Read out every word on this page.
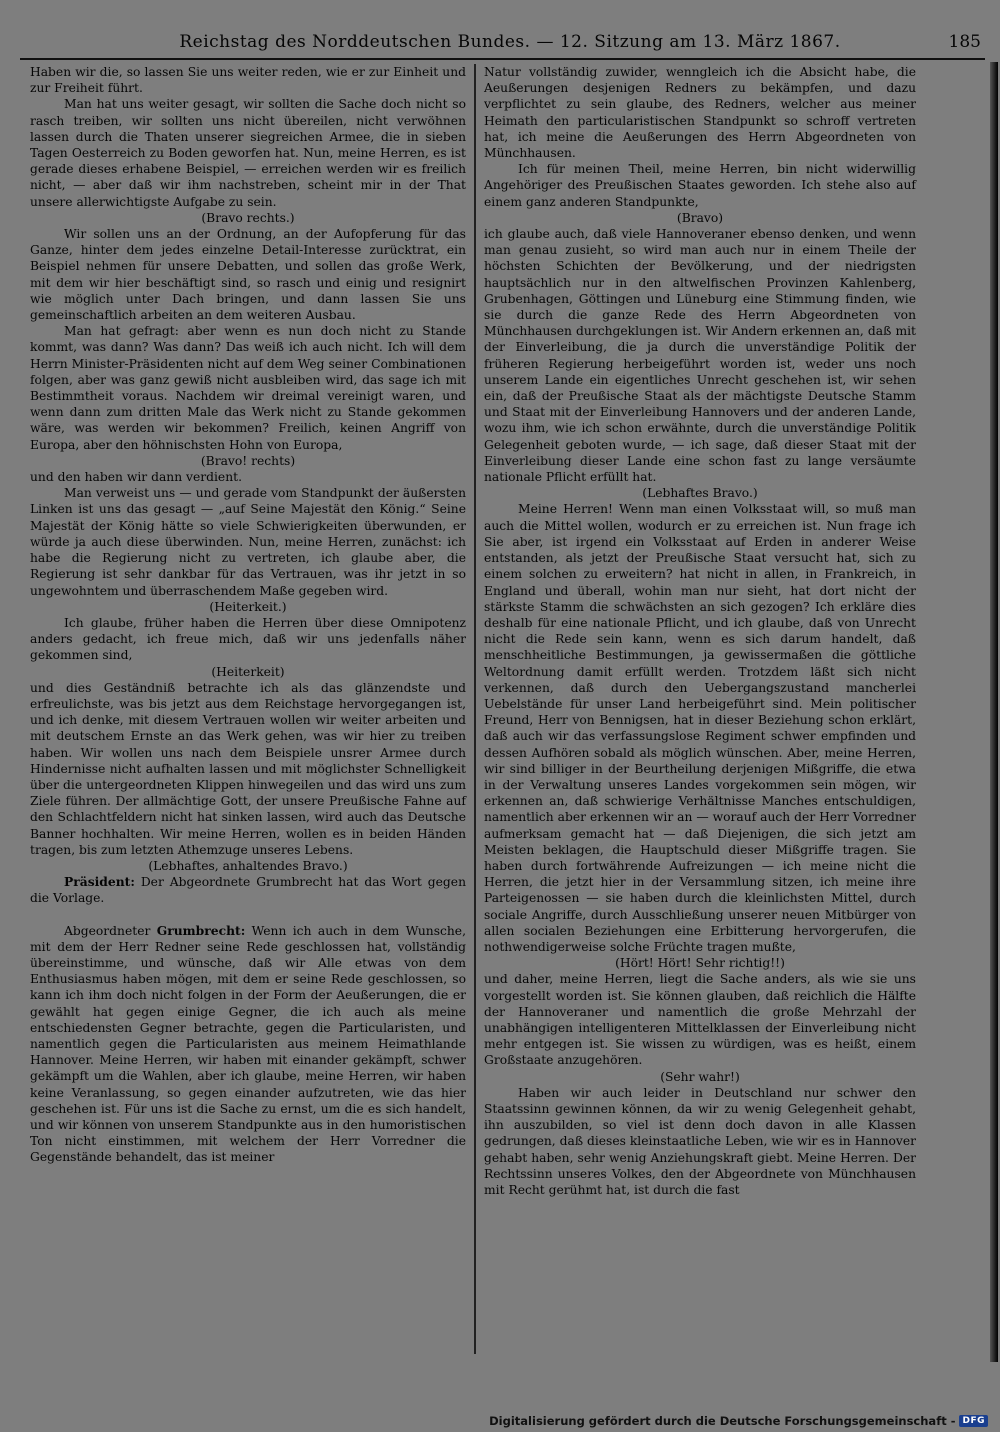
Reichstag des Norddeutschen Bundes. — 12. Sitzung am 13. März 1867.	185

Haben wir die, so lassen Sie uns weiter reden, wie er zur Einheit und zur Freiheit führt.

Man hat uns weiter gesagt, wir sollten die Sache doch nicht so rasch treiben, wir sollten uns nicht übereilen, nicht verwöhnen lassen durch die Thaten unserer siegreichen Armee, die in sieben Tagen Oesterreich zu Boden geworfen hat. Nun, meine Herren, es ist gerade dieses erhabene Beispiel, — erreichen werden wir es freilich nicht, — aber daß wir ihm nachstreben, scheint mir in der That unsere allerwichtigste Aufgabe zu sein.

(Bravo rechts.)

Wir sollen uns an der Ordnung, an der Aufopferung für das Ganze, hinter dem jedes einzelne Detail-Interesse zurücktrat, ein Beispiel nehmen für unsere Debatten, und sollen das große Werk, mit dem wir hier beschäftigt sind, so rasch und einig und resignirt wie möglich unter Dach bringen, und dann lassen Sie uns gemeinschaftlich arbeiten an dem weiteren Ausbau.

Man hat gefragt: aber wenn es nun doch nicht zu Stande kommt, was dann? Was dann? Das weiß ich auch nicht. Ich will dem Herrn Minister-Präsidenten nicht auf dem Weg seiner Combinationen folgen, aber was ganz gewiß nicht ausbleiben wird, das sage ich mit Bestimmtheit voraus. Nachdem wir dreimal vereinigt waren, und wenn dann zum dritten Male das Werk nicht zu Stande gekommen wäre, was werden wir bekommen? Freilich, keinen Angriff von Europa, aber den höhnischsten Hohn von Europa,

(Bravo! rechts)

und den haben wir dann verdient.

Man verweist uns — und gerade vom Standpunkt der äußersten Linken ist uns das gesagt — „auf Seine Majestät den König.“ Seine Majestät der König hätte so viele Schwierigkeiten überwunden, er würde ja auch diese überwinden. Nun, meine Herren, zunächst: ich habe die Regierung nicht zu vertreten, ich glaube aber, die Regierung ist sehr dankbar für das Vertrauen, was ihr jetzt in so ungewohntem und überraschendem Maße gegeben wird.

(Heiterkeit.)

Ich glaube, früher haben die Herren über diese Omnipotenz anders gedacht, ich freue mich, daß wir uns jedenfalls näher gekommen sind,

(Heiterkeit)

und dies Geständniß betrachte ich als das glänzendste und erfreulichste, was bis jetzt aus dem Reichstage hervorgegangen ist, und ich denke, mit diesem Vertrauen wollen wir weiter arbeiten und mit deutschem Ernste an das Werk gehen, was wir hier zu treiben haben. Wir wollen uns nach dem Beispiele unsrer Armee durch Hindernisse nicht aufhalten lassen und mit möglichster Schnelligkeit über die untergeordneten Klippen hinwegeilen und das wird uns zum Ziele führen. Der allmächtige Gott, der unsere Preußische Fahne auf den Schlachtfeldern nicht hat sinken lassen, wird auch das Deutsche Banner hochhalten. Wir meine Herren, wollen es in beiden Händen tragen, bis zum letzten Athemzuge unseres Lebens.

(Lebhaftes, anhaltendes Bravo.)

Präsident: Der Abgeordnete Grumbrecht hat das Wort gegen die Vorlage.

Abgeordneter Grumbrecht: Wenn ich auch in dem Wunsche, mit dem der Herr Redner seine Rede geschlossen hat, vollständig übereinstimme, und wünsche, daß wir Alle etwas von dem Enthusiasmus haben mögen, mit dem er seine Rede geschlossen, so kann ich ihm doch nicht folgen in der Form der Aeußerungen, die er gewählt hat gegen einige Gegner, die ich auch als meine entschiedensten Gegner betrachte, gegen die Particularisten, und namentlich gegen die Particularisten aus meinem Heimathlande Hannover. Meine Herren, wir haben mit einander gekämpft, schwer gekämpft um die Wahlen, aber ich glaube, meine Herren, wir haben keine Veranlassung, so gegen einander aufzutreten, wie das hier geschehen ist. Für uns ist die Sache zu ernst, um die es sich handelt, und wir können von unserem Standpunkte aus in den humoristischen Ton nicht einstimmen, mit welchem der Herr Vorredner die Gegenstände behandelt, das ist meiner

Natur vollständig zuwider, wenngleich ich die Absicht habe, die Aeußerungen desjenigen Redners zu bekämpfen, und dazu verpflichtet zu sein glaube, des Redners, welcher aus meiner Heimath den particularistischen Standpunkt so schroff vertreten hat, ich meine die Aeußerungen des Herrn Abgeordneten von Münchhausen.

Ich für meinen Theil, meine Herren, bin nicht widerwillig Angehöriger des Preußischen Staates geworden. Ich stehe also auf einem ganz anderen Standpunkte,

(Bravo)

ich glaube auch, daß viele Hannoveraner ebenso denken, und wenn man genau zusieht, so wird man auch nur in einem Theile der höchsten Schichten der Bevölkerung, und der niedrigsten hauptsächlich nur in den altwelfischen Provinzen Kahlenberg, Grubenhagen, Göttingen und Lüneburg eine Stimmung finden, wie sie durch die ganze Rede des Herrn Abgeordneten von Münchhausen durchgeklungen ist. Wir Andern erkennen an, daß mit der Einverleibung, die ja durch die unverständige Politik der früheren Regierung herbeigeführt worden ist, weder uns noch unserem Lande ein eigentliches Unrecht geschehen ist, wir sehen ein, daß der Preußische Staat als der mächtigste Deutsche Stamm und Staat mit der Einverleibung Hannovers und der anderen Lande, wozu ihm, wie ich schon erwähnte, durch die unverständige Politik Gelegenheit geboten wurde, — ich sage, daß dieser Staat mit der Einverleibung dieser Lande eine schon fast zu lange versäumte nationale Pflicht erfüllt hat.

(Lebhaftes Bravo.)

Meine Herren! Wenn man einen Volksstaat will, so muß man auch die Mittel wollen, wodurch er zu erreichen ist. Nun frage ich Sie aber, ist irgend ein Volksstaat auf Erden in anderer Weise entstanden, als jetzt der Preußische Staat versucht hat, sich zu einem solchen zu erweitern? hat nicht in allen, in Frankreich, in England und überall, wohin man nur sieht, hat dort nicht der stärkste Stamm die schwächsten an sich gezogen? Ich erkläre dies deshalb für eine nationale Pflicht, und ich glaube, daß von Unrecht nicht die Rede sein kann, wenn es sich darum handelt, daß menschheitliche Bestimmungen, ja gewissermaßen die göttliche Weltordnung damit erfüllt werden. Trotzdem läßt sich nicht verkennen, daß durch den Uebergangszustand mancherlei Uebelstände für unser Land herbeigeführt sind. Mein politischer Freund, Herr von Bennigsen, hat in dieser Beziehung schon erklärt, daß auch wir das verfassungslose Regiment schwer empfinden und dessen Aufhören sobald als möglich wünschen. Aber, meine Herren, wir sind billiger in der Beurtheilung derjenigen Mißgriffe, die etwa in der Verwaltung unseres Landes vorgekommen sein mögen, wir erkennen an, daß schwierige Verhältnisse Manches entschuldigen, namentlich aber erkennen wir an — worauf auch der Herr Vorredner aufmerksam gemacht hat — daß Diejenigen, die sich jetzt am Meisten beklagen, die Hauptschuld dieser Mißgriffe tragen. Sie haben durch fortwährende Aufreizungen — ich meine nicht die Herren, die jetzt hier in der Versammlung sitzen, ich meine ihre Parteigenossen — sie haben durch die kleinlichsten Mittel, durch sociale Angriffe, durch Ausschließung unserer neuen Mitbürger von allen socialen Beziehungen eine Erbitterung hervorgerufen, die nothwendigerweise solche Früchte tragen mußte,

(Hört! Hört! Sehr richtig!!)

und daher, meine Herren, liegt die Sache anders, als wie sie uns vorgestellt worden ist. Sie können glauben, daß reichlich die Hälfte der Hannoveraner und namentlich die große Mehrzahl der unabhängigen intelligenteren Mittelklassen der Einverleibung nicht mehr entgegen ist. Sie wissen zu würdigen, was es heißt, einem Großstaate anzugehören.

(Sehr wahr!)

Haben wir auch leider in Deutschland nur schwer den Staatssinn gewinnen können, da wir zu wenig Gelegenheit gehabt, ihn auszubilden, so viel ist denn doch davon in alle Klassen gedrungen, daß dieses kleinstaatliche Leben, wie wir es in Hannover gehabt haben, sehr wenig Anziehungskraft giebt. Meine Herren. Der Rechtssinn unseres Volkes, den der Abgeordnete von Münchhausen mit Recht gerühmt hat, ist durch die fast

Digitalisierung gefördert durch die Deutsche Forschungsgemeinschaft - DFG
